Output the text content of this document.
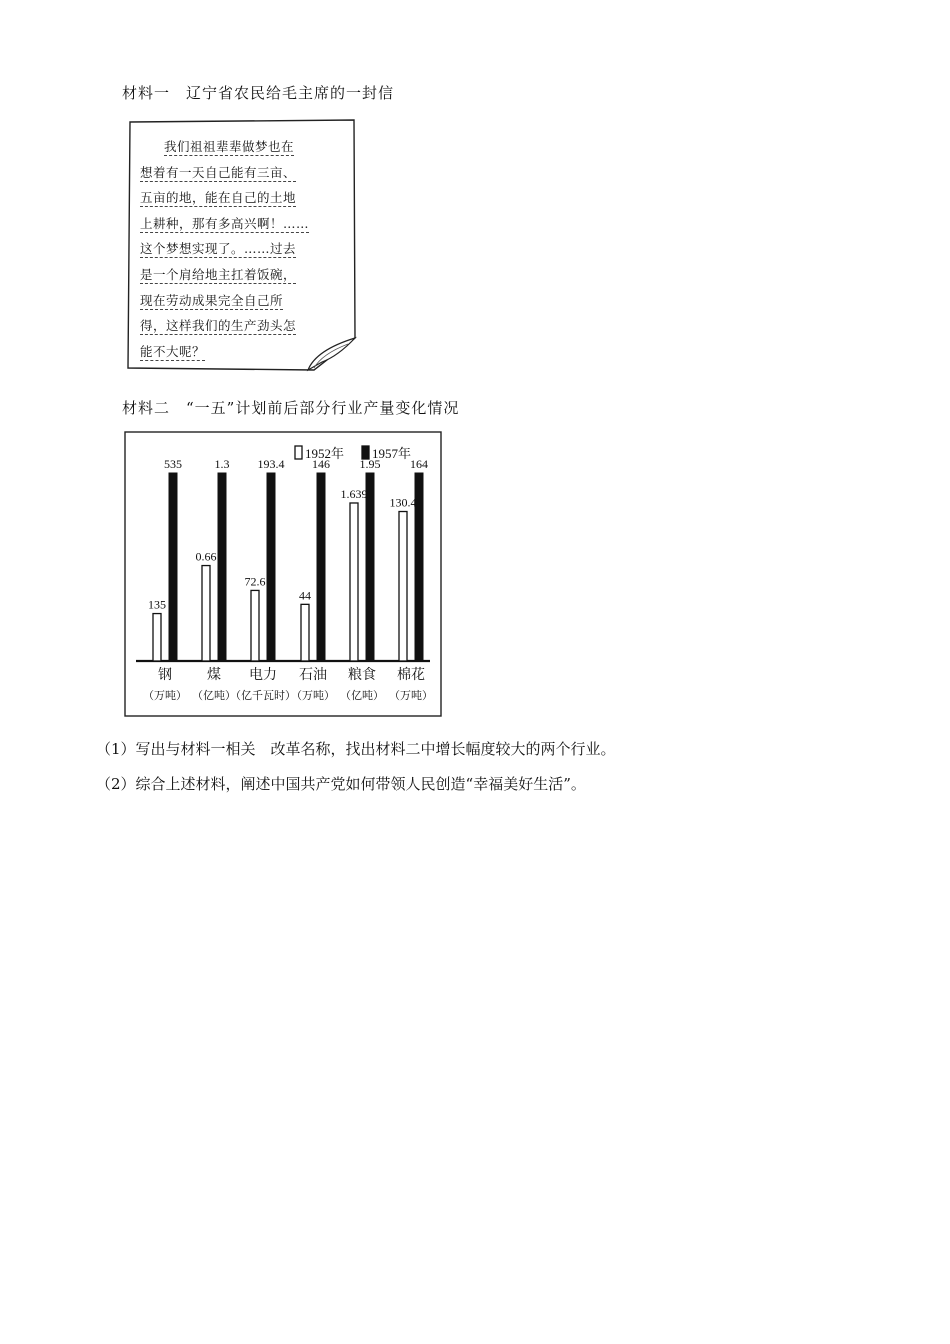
材料一　辽宁省农民给毛主席的一封信
我们祖祖辈辈做梦也在
想着有一天自己能有三亩、
五亩的地，能在自己的土地
上耕种，那有多高兴啊！……
这个梦想实现了。……过去
是一个肩给地主扛着饭碗，
现在劳动成果完全自己所
得，这样我们的生产劲头怎
能不大呢？
材料二　“一五”计划前后部分行业产量变化情况
1952年 1957年
135
535
0.66
1.3
72.6
193.4
44
146
1.639
1.95
130.4
164
钢
（万吨）
煤
（亿吨）
电力
（亿千瓦时）
石油
（万吨）
粮食
（亿吨）
棉花
（万吨）
（1）写出与材料一相关　改革名称，找出材料二中增长幅度较大的两个行业。
（2）综合上述材料，阐述中国共产党如何带领人民创造“幸福美好生活”。
